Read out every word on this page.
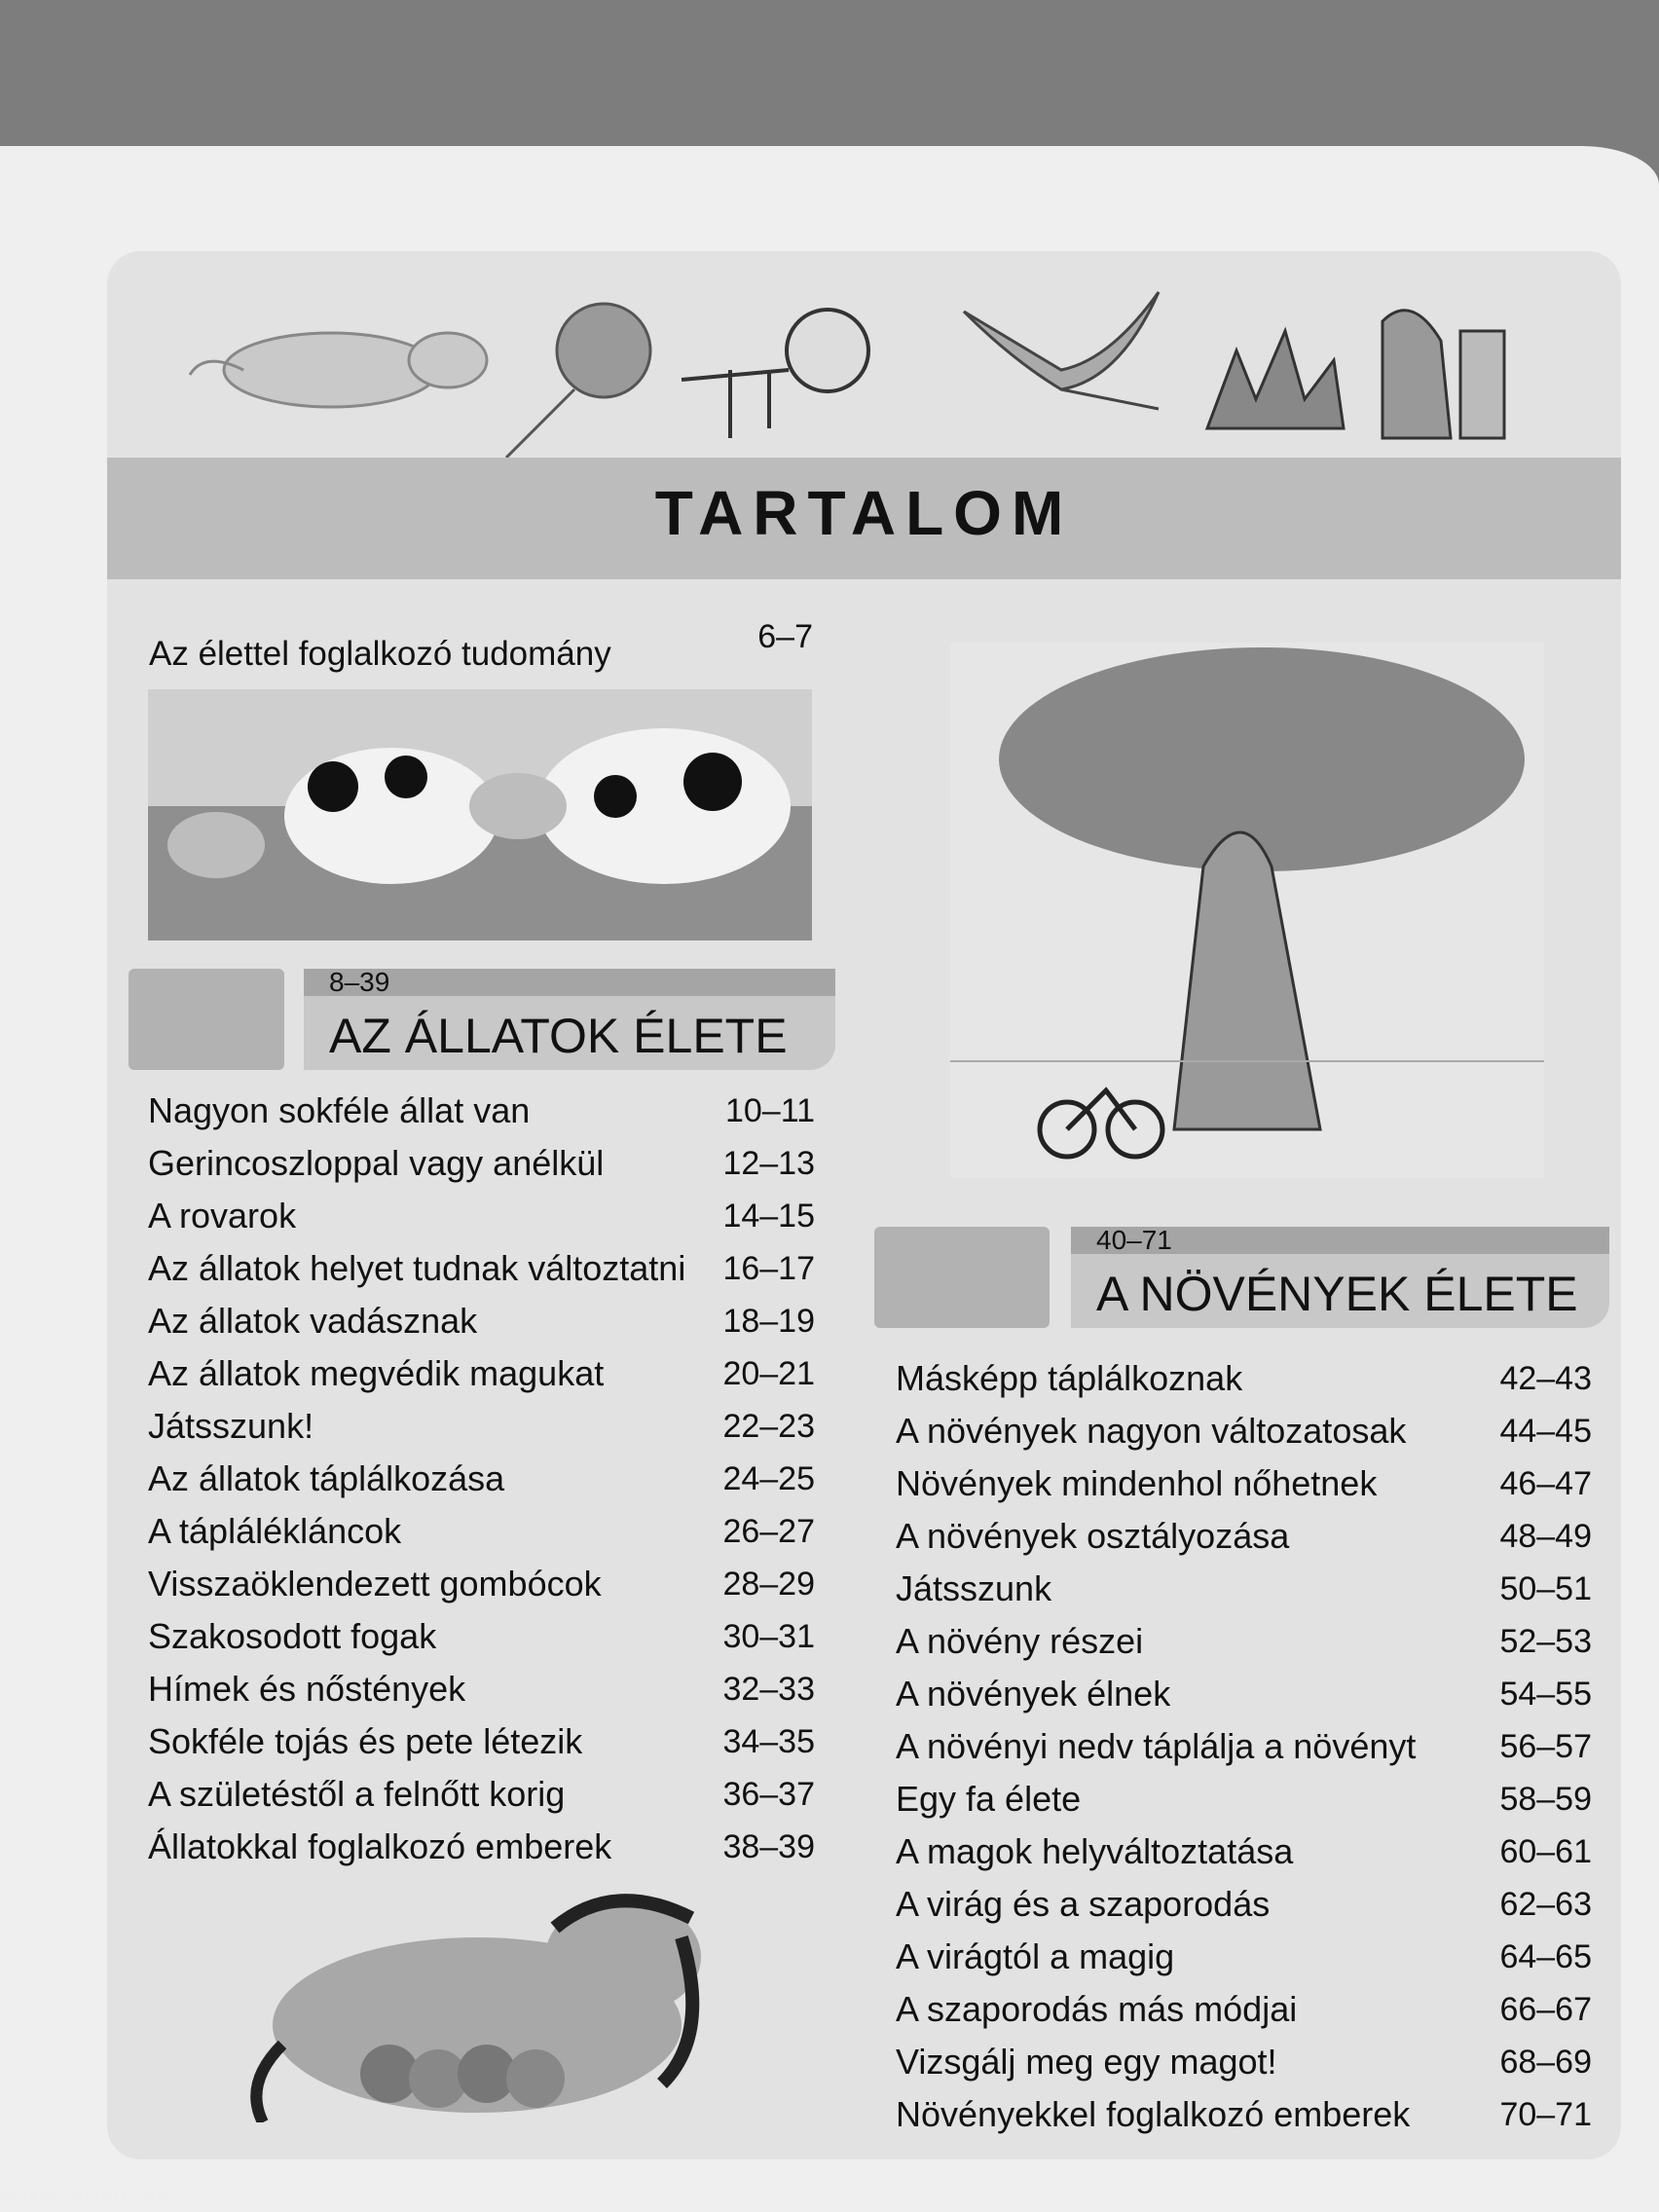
TARTALOM
Az élettel foglalkozó tudomány	6–7
8–39
AZ ÁLLATOK ÉLETE
Nagyon sokféle állat van	10–11
Gerincoszloppal vagy anélkül	12–13
A rovarok	14–15
Az állatok helyet tudnak változtatni	16–17
Az állatok vadásznak	18–19
Az állatok megvédik magukat	20–21
Játsszunk!	22–23
Az állatok táplálkozása	24–25
A táplálékláncok	26–27
Visszaöklendezett gombócok	28–29
Szakosodott fogak	30–31
Hímek és nőstények	32–33
Sokféle tojás és pete létezik	34–35
A születéstől a felnőtt korig	36–37
Állatokkal foglalkozó emberek	38–39
40–71
A NÖVÉNYEK ÉLETE
Másképp táplálkoznak	42–43
A növények nagyon változatosak	44–45
Növények mindenhol nőhetnek	46–47
A növények osztályozása	48–49
Játsszunk	50–51
A növény részei	52–53
A növények élnek	54–55
A növényi nedv táplálja a növényt	56–57
Egy fa élete	58–59
A magok helyváltoztatása	60–61
A virág és a szaporodás	62–63
A virágtól a magig	64–65
A szaporodás más módjai	66–67
Vizsgálj meg egy magot!	68–69
Növényekkel foglalkozó emberek	70–71
Antikvarium.hu
